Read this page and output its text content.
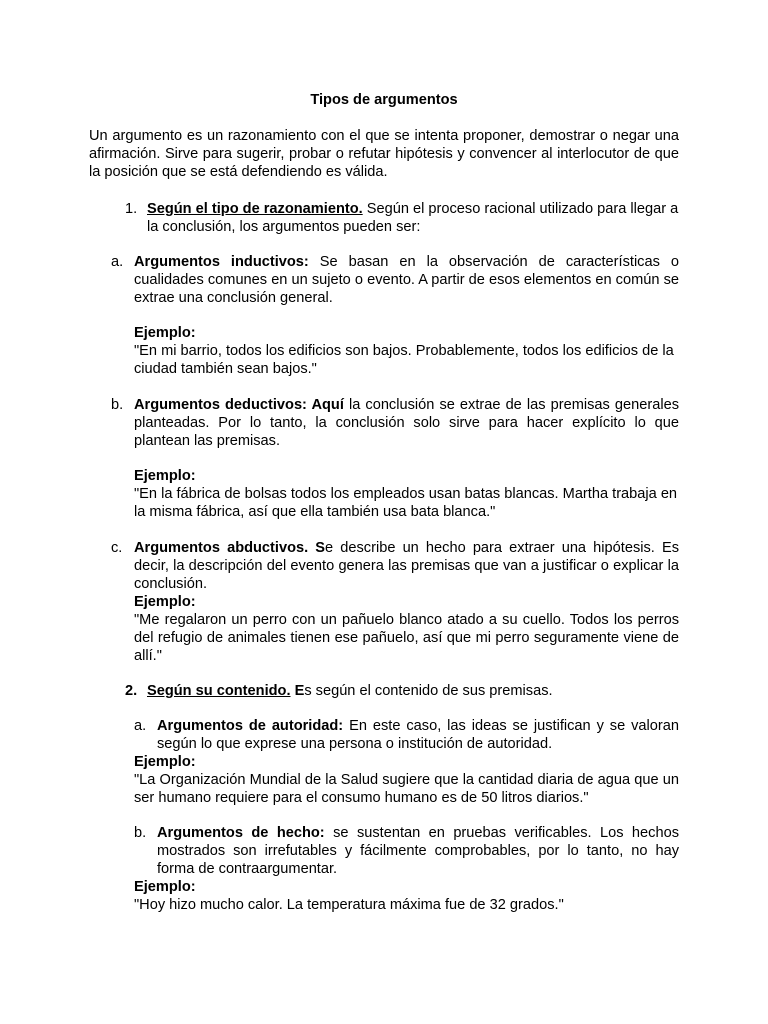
Tipos de argumentos

Un argumento es un razonamiento con el que se intenta proponer, demostrar o negar una afirmación. Sirve para sugerir, probar o refutar hipótesis y convencer al interlocutor de que la posición que se está defendiendo es válida.

1. Según el tipo de razonamiento. Según el proceso racional utilizado para llegar a la conclusión, los argumentos pueden ser:

a. Argumentos inductivos: Se basan en la observación de características o cualidades comunes en un sujeto o evento. A partir de esos elementos en común se extrae una conclusión general.

Ejemplo:

"En mi barrio, todos los edificios son bajos. Probablemente, todos los edificios de la ciudad también sean bajos."

b. Argumentos deductivos: Aquí la conclusión se extrae de las premisas generales planteadas. Por lo tanto, la conclusión solo sirve para hacer explícito lo que plantean las premisas.

Ejemplo:

"En la fábrica de bolsas todos los empleados usan batas blancas. Martha trabaja en la misma fábrica, así que ella también usa bata blanca."

c. Argumentos abductivos. Se describe un hecho para extraer una hipótesis. Es decir, la descripción del evento genera las premisas que van a justificar o explicar la conclusión.

Ejemplo:

"Me regalaron un perro con un pañuelo blanco atado a su cuello. Todos los perros del refugio de animales tienen ese pañuelo, así que mi perro seguramente viene de allí."

2. Según su contenido. Es según el contenido de sus premisas.

a. Argumentos de autoridad: En este caso, las ideas se justifican y se valoran según lo que exprese una persona o institución de autoridad.

Ejemplo:

"La Organización Mundial de la Salud sugiere que la cantidad diaria de agua que un ser humano requiere para el consumo humano es de 50 litros diarios."

b. Argumentos de hecho: se sustentan en pruebas verificables. Los hechos mostrados son irrefutables y fácilmente comprobables, por lo tanto, no hay forma de contraargumentar.

Ejemplo:

"Hoy hizo mucho calor. La temperatura máxima fue de 32 grados."
